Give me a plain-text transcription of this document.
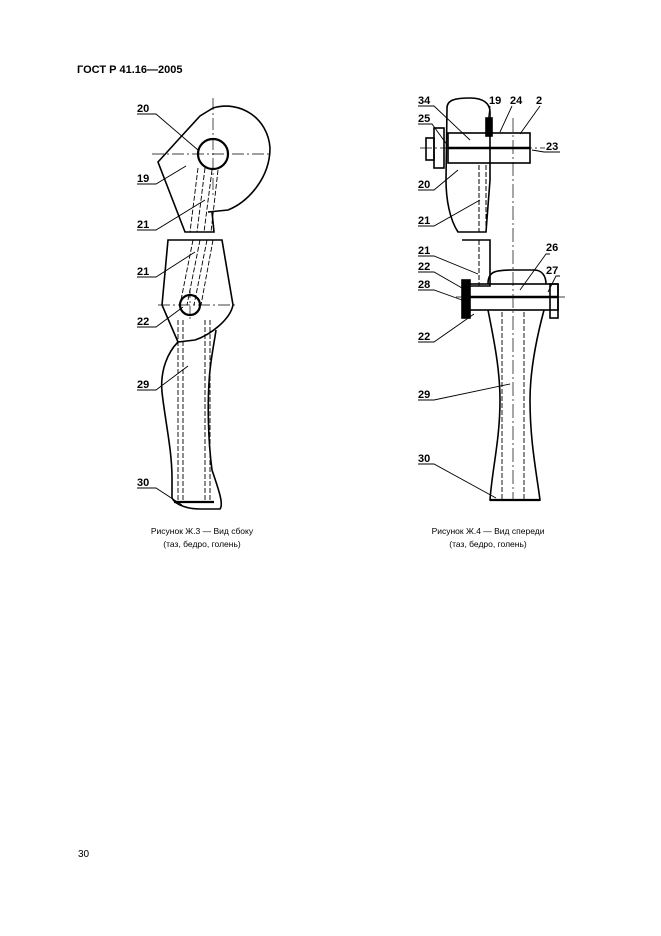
ГОСТ Р 41.16—2005
20
19
21
21
22
29
30
34	19 24 2
25
23
20
21
21	26
22	27
28
22
29
30
Рисунок Ж.3 — Вид сбоку
(таз, бедро, голень)
Рисунок Ж.4 — Вид спереди
(таз, бедро, голень)
30
